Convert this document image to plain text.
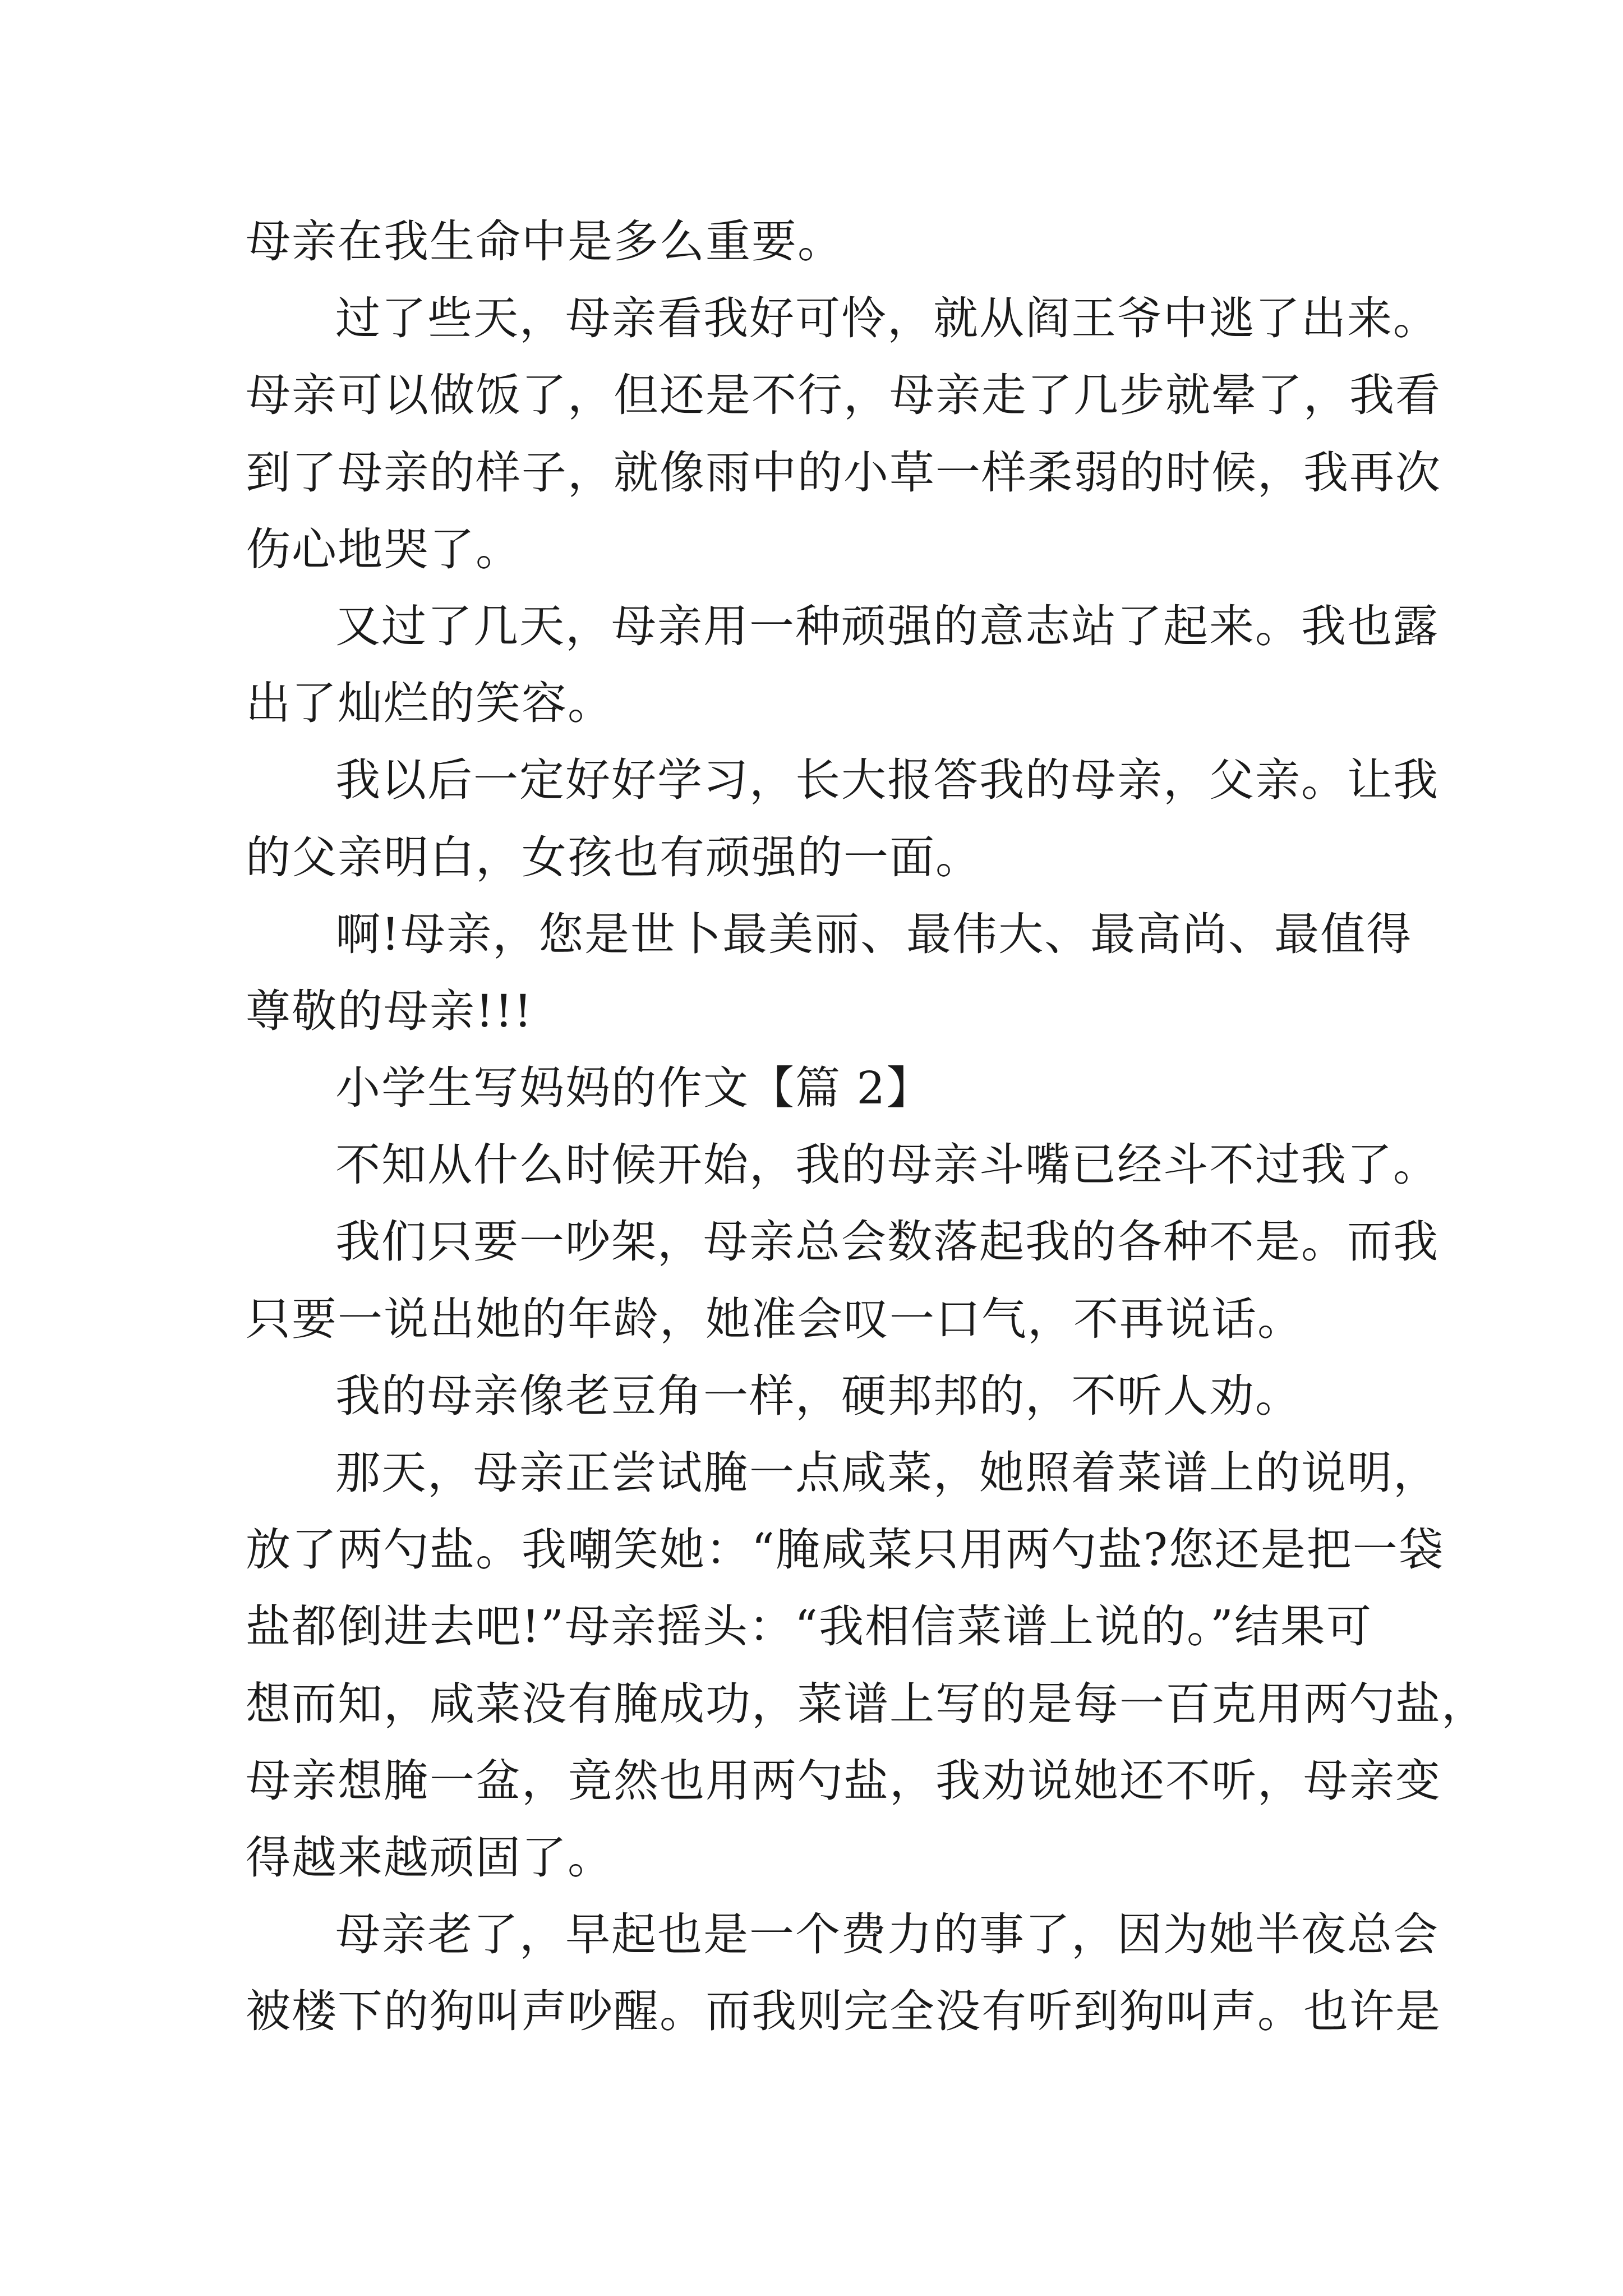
母亲在我生命中是多么重要。
过了些天，母亲看我好可怜，就从阎王爷中逃了出来。
母亲可以做饭了，但还是不行，母亲走了几步就晕了，我看
到了母亲的样子，就像雨中的小草一样柔弱的时候，我再次
伤心地哭了。
又过了几天，母亲用一种顽强的意志站了起来。我也露
出了灿烂的笑容。
我以后一定好好学习，长大报答我的母亲，父亲。让我
的父亲明白，女孩也有顽强的一面。
啊!母亲，您是世卜最美丽、最伟大、最高尚、最值得
尊敬的母亲!!!
小学生写妈妈的作文【篇 2】
不知从什么时候开始，我的母亲斗嘴已经斗不过我了。
我们只要一吵架，母亲总会数落起我的各种不是。而我
只要一说出她的年龄，她准会叹一口气，不再说话。
我的母亲像老豆角一样，硬邦邦的，不听人劝。
那天，母亲正尝试腌一点咸菜，她照着菜谱上的说明，
放了两勺盐。我嘲笑她：“腌咸菜只用两勺盐?您还是把一袋
盐都倒进去吧!”母亲摇头：“我相信菜谱上说的。”结果可
想而知，咸菜没有腌成功，菜谱上写的是每一百克用两勺盐，
母亲想腌一盆，竟然也用两勺盐，我劝说她还不听，母亲变
得越来越顽固了。
母亲老了，早起也是一个费力的事了，因为她半夜总会
被楼下的狗叫声吵醒。而我则完全没有听到狗叫声。也许是
